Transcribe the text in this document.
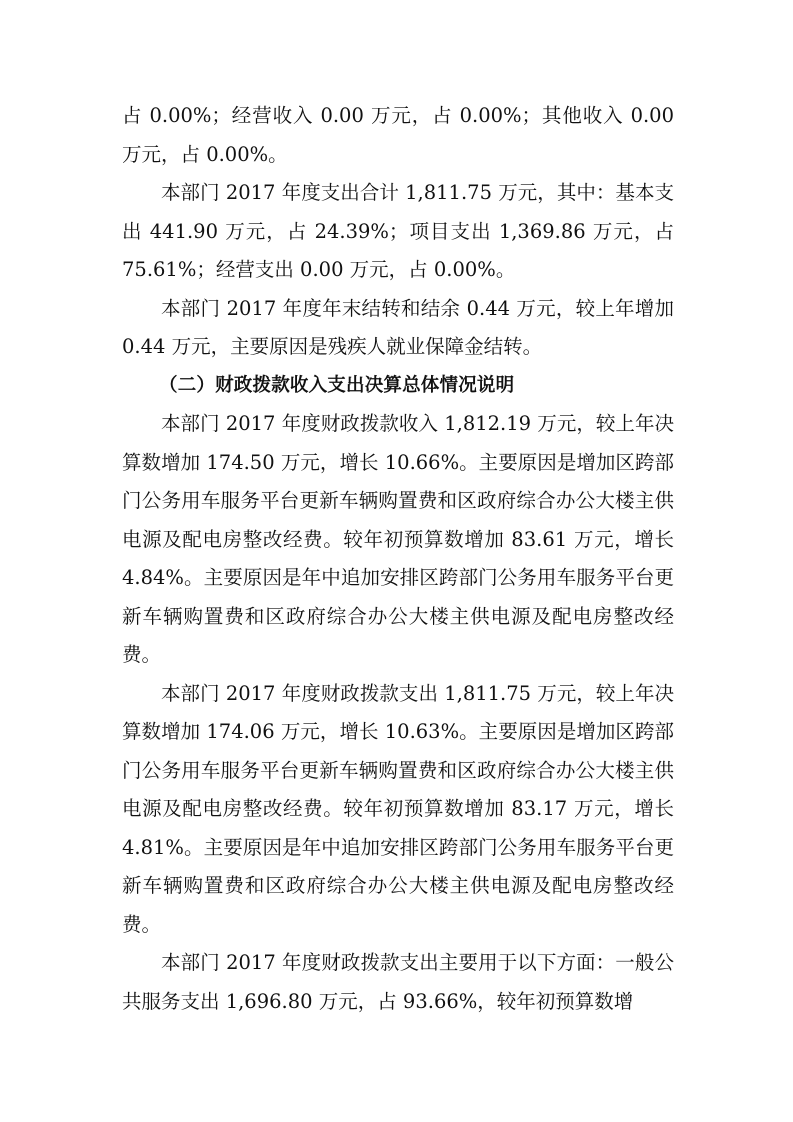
占 0.00%；经营收入 0.00 万元，占 0.00%；其他收入 0.00 万元，占 0.00%。

本部门 2017 年度支出合计 1,811.75 万元，其中：基本支出 441.90 万元，占 24.39%；项目支出 1,369.86 万元，占 75.61%；经营支出 0.00 万元，占 0.00%。

本部门 2017 年度年末结转和结余 0.44 万元，较上年增加 0.44 万元，主要原因是残疾人就业保障金结转。

（二）财政拨款收入支出决算总体情况说明

本部门 2017 年度财政拨款收入 1,812.19 万元，较上年决算数增加 174.50 万元，增长 10.66%。主要原因是增加区跨部门公务用车服务平台更新车辆购置费和区政府综合办公大楼主供电源及配电房整改经费。较年初预算数增加 83.61 万元，增长 4.84%。主要原因是年中追加安排区跨部门公务用车服务平台更新车辆购置费和区政府综合办公大楼主供电源及配电房整改经费。

本部门 2017 年度财政拨款支出 1,811.75 万元，较上年决算数增加 174.06 万元，增长 10.63%。主要原因是增加区跨部门公务用车服务平台更新车辆购置费和区政府综合办公大楼主供电源及配电房整改经费。较年初预算数增加 83.17 万元，增长 4.81%。主要原因是年中追加安排区跨部门公务用车服务平台更新车辆购置费和区政府综合办公大楼主供电源及配电房整改经费。

本部门 2017 年度财政拨款支出主要用于以下方面：一般公共服务支出 1,696.80 万元，占 93.66%，较年初预算数增
